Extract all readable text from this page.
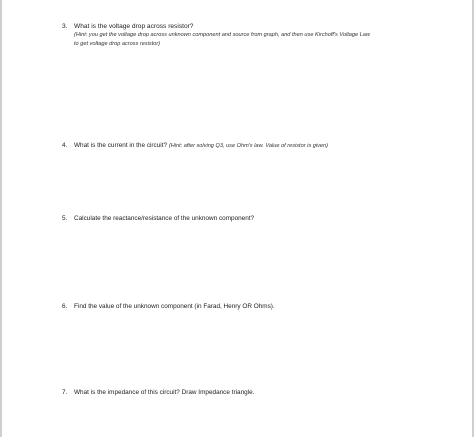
3. What is the voltage drop across resistor?
(Hint: you get the voltage drop across unknown component and source from graph, and then use Kirchoff's Voltage Law
to get voltage drop across resistor)
4.	What is the current in the circuit?
(Hint: after solving Q3, use Ohm's law. Value of resistor is given)
5.	Calculate the reactance/resistance of the unknown component?
6.	Find the value of the unknown component (in Farad, Henry OR Ohms).
7.	What is the impedance of this circuit? Draw Impedance triangle.
